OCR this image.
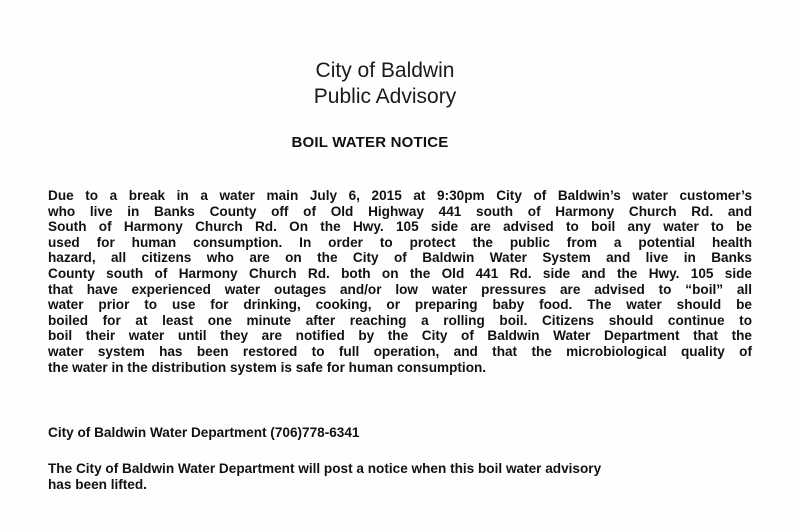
City of Baldwin
Public Advisory
BOIL WATER NOTICE
Due to a break in a water main July 6, 2015 at 9:30pm City of Baldwin’s water customer’s
who live in Banks County off of Old Highway 441 south of Harmony Church Rd. and
South of Harmony Church Rd. On the Hwy. 105 side are advised to boil any water to be
used for human consumption. In order to protect the public from a potential health
hazard, all citizens who are on the City of Baldwin Water System and live in Banks
County south of Harmony Church Rd. both on the Old 441 Rd. side and the Hwy. 105 side
that have experienced water outages and/or low water pressures are advised to “boil” all
water prior to use for drinking, cooking, or preparing baby food. The water should be
boiled for at least one minute after reaching a rolling boil. Citizens should continue to
boil their water until they are notified by the City of Baldwin Water Department that the
water system has been restored to full operation, and that the microbiological quality of
the water in the distribution system is safe for human consumption.
City of Baldwin Water Department (706)778-6341
The City of Baldwin Water Department will post a notice when this boil water advisory
has been lifted.
